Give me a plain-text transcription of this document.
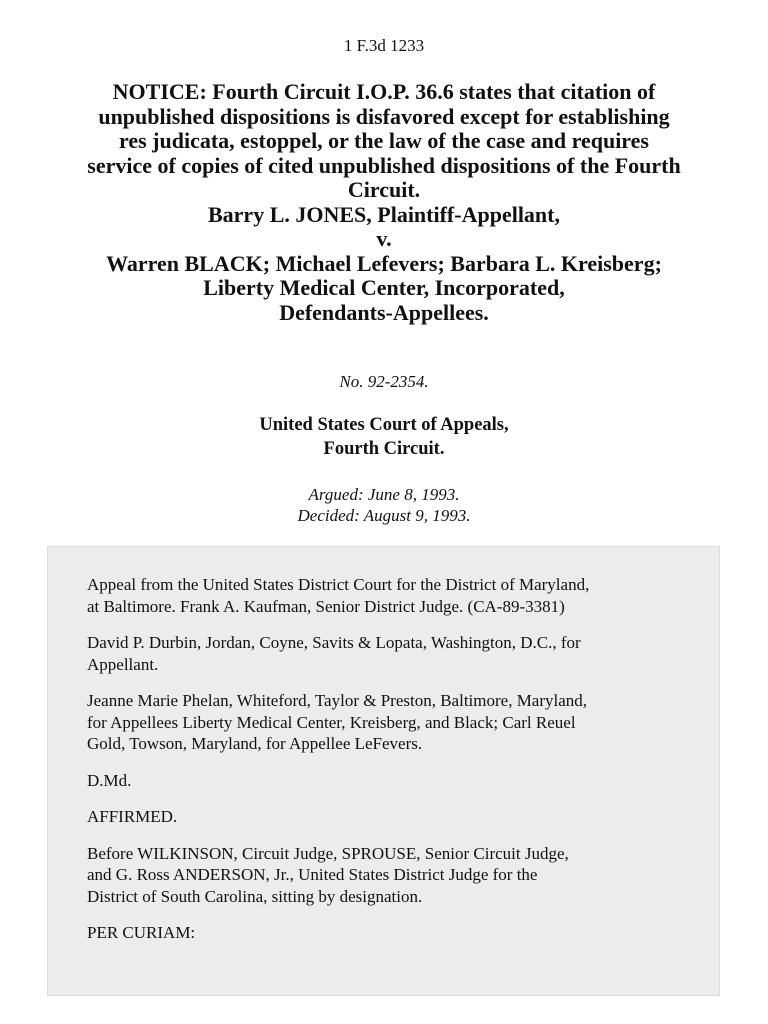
1 F.3d 1233
NOTICE: Fourth Circuit I.O.P. 36.6 states that citation of
unpublished dispositions is disfavored except for establishing
res judicata, estoppel, or the law of the case and requires
service of copies of cited unpublished dispositions of the Fourth
Circuit.
Barry L. JONES, Plaintiff-Appellant,
v.
Warren BLACK; Michael Lefevers; Barbara L. Kreisberg;
Liberty Medical Center, Incorporated,
Defendants-Appellees.
No. 92-2354.
United States Court of Appeals,
Fourth Circuit.
Argued: June 8, 1993.
Decided: August 9, 1993.
Appeal from the United States District Court for the District of Maryland,
at Baltimore. Frank A. Kaufman, Senior District Judge. (CA-89-3381)
David P. Durbin, Jordan, Coyne, Savits & Lopata, Washington, D.C., for
Appellant.
Jeanne Marie Phelan, Whiteford, Taylor & Preston, Baltimore, Maryland,
for Appellees Liberty Medical Center, Kreisberg, and Black; Carl Reuel
Gold, Towson, Maryland, for Appellee LeFevers.
D.Md.
AFFIRMED.
Before WILKINSON, Circuit Judge, SPROUSE, Senior Circuit Judge,
and G. Ross ANDERSON, Jr., United States District Judge for the
District of South Carolina, sitting by designation.
PER CURIAM:
